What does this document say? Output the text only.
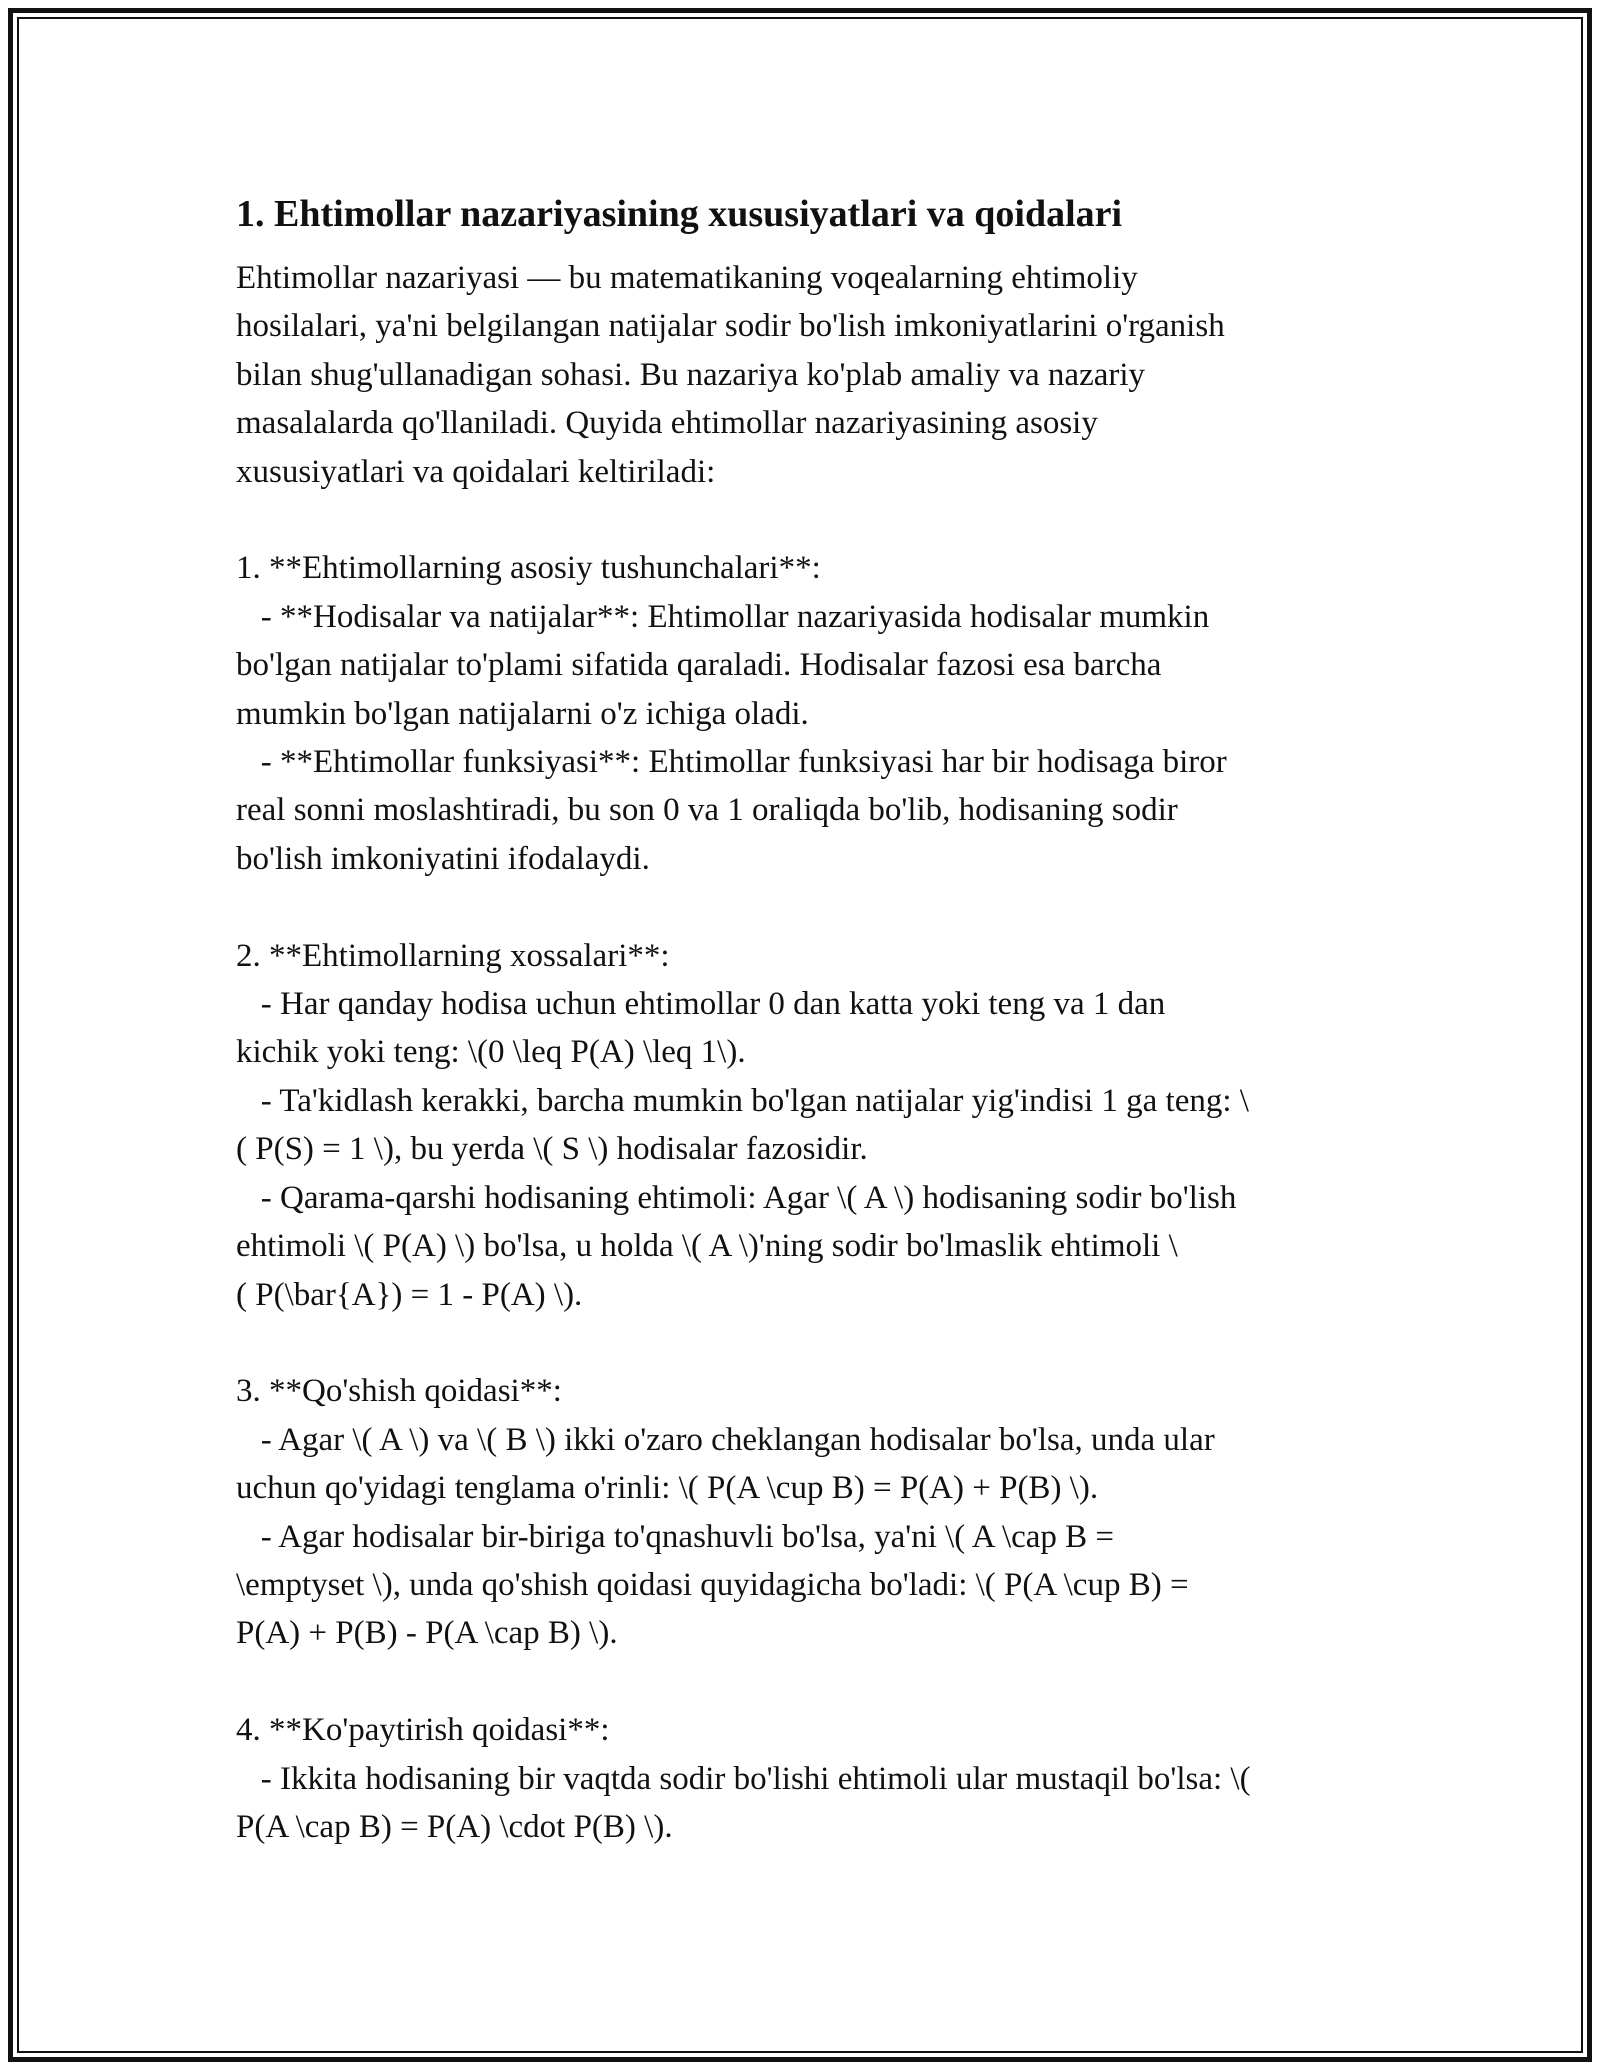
1. Ehtimollar nazariyasining xususiyatlari va qoidalari
Ehtimollar nazariyasi — bu matematikaning voqealarning ehtimoliy
hosilalari, ya'ni belgilangan natijalar sodir bo'lish imkoniyatlarini o'rganish
bilan shug'ullanadigan sohasi. Bu nazariya ko'plab amaliy va nazariy
masalalarda qo'llaniladi. Quyida ehtimollar nazariyasining asosiy
xususiyatlari va qoidalari keltiriladi:
1. **Ehtimollarning asosiy tushunchalari**:
- **Hodisalar va natijalar**: Ehtimollar nazariyasida hodisalar mumkin
bo'lgan natijalar to'plami sifatida qaraladi. Hodisalar fazosi esa barcha
mumkin bo'lgan natijalarni o'z ichiga oladi.
- **Ehtimollar funksiyasi**: Ehtimollar funksiyasi har bir hodisaga biror
real sonni moslashtiradi, bu son 0 va 1 oraliqda bo'lib, hodisaning sodir
bo'lish imkoniyatini ifodalaydi.
2. **Ehtimollarning xossalari**:
- Har qanday hodisa uchun ehtimollar 0 dan katta yoki teng va 1 dan
kichik yoki teng: \(0 \leq P(A) \leq 1\).
- Ta'kidlash kerakki, barcha mumkin bo'lgan natijalar yig'indisi 1 ga teng: \
( P(S) = 1 \), bu yerda \( S \) hodisalar fazosidir.
- Qarama-qarshi hodisaning ehtimoli: Agar \( A \) hodisaning sodir bo'lish
ehtimoli \( P(A) \) bo'lsa, u holda \( A \)'ning sodir bo'lmaslik ehtimoli \
( P(\bar{A}) = 1 - P(A) \).
3. **Qo'shish qoidasi**:
- Agar \( A \) va \( B \) ikki o'zaro cheklangan hodisalar bo'lsa, unda ular
uchun qo'yidagi tenglama o'rinli: \( P(A \cup B) = P(A) + P(B) \).
- Agar hodisalar bir-biriga to'qnashuvli bo'lsa, ya'ni \( A \cap B =
\emptyset \), unda qo'shish qoidasi quyidagicha bo'ladi: \( P(A \cup B) =
P(A) + P(B) - P(A \cap B) \).
4. **Ko'paytirish qoidasi**:
- Ikkita hodisaning bir vaqtda sodir bo'lishi ehtimoli ular mustaqil bo'lsa: \(
P(A \cap B) = P(A) \cdot P(B) \).
